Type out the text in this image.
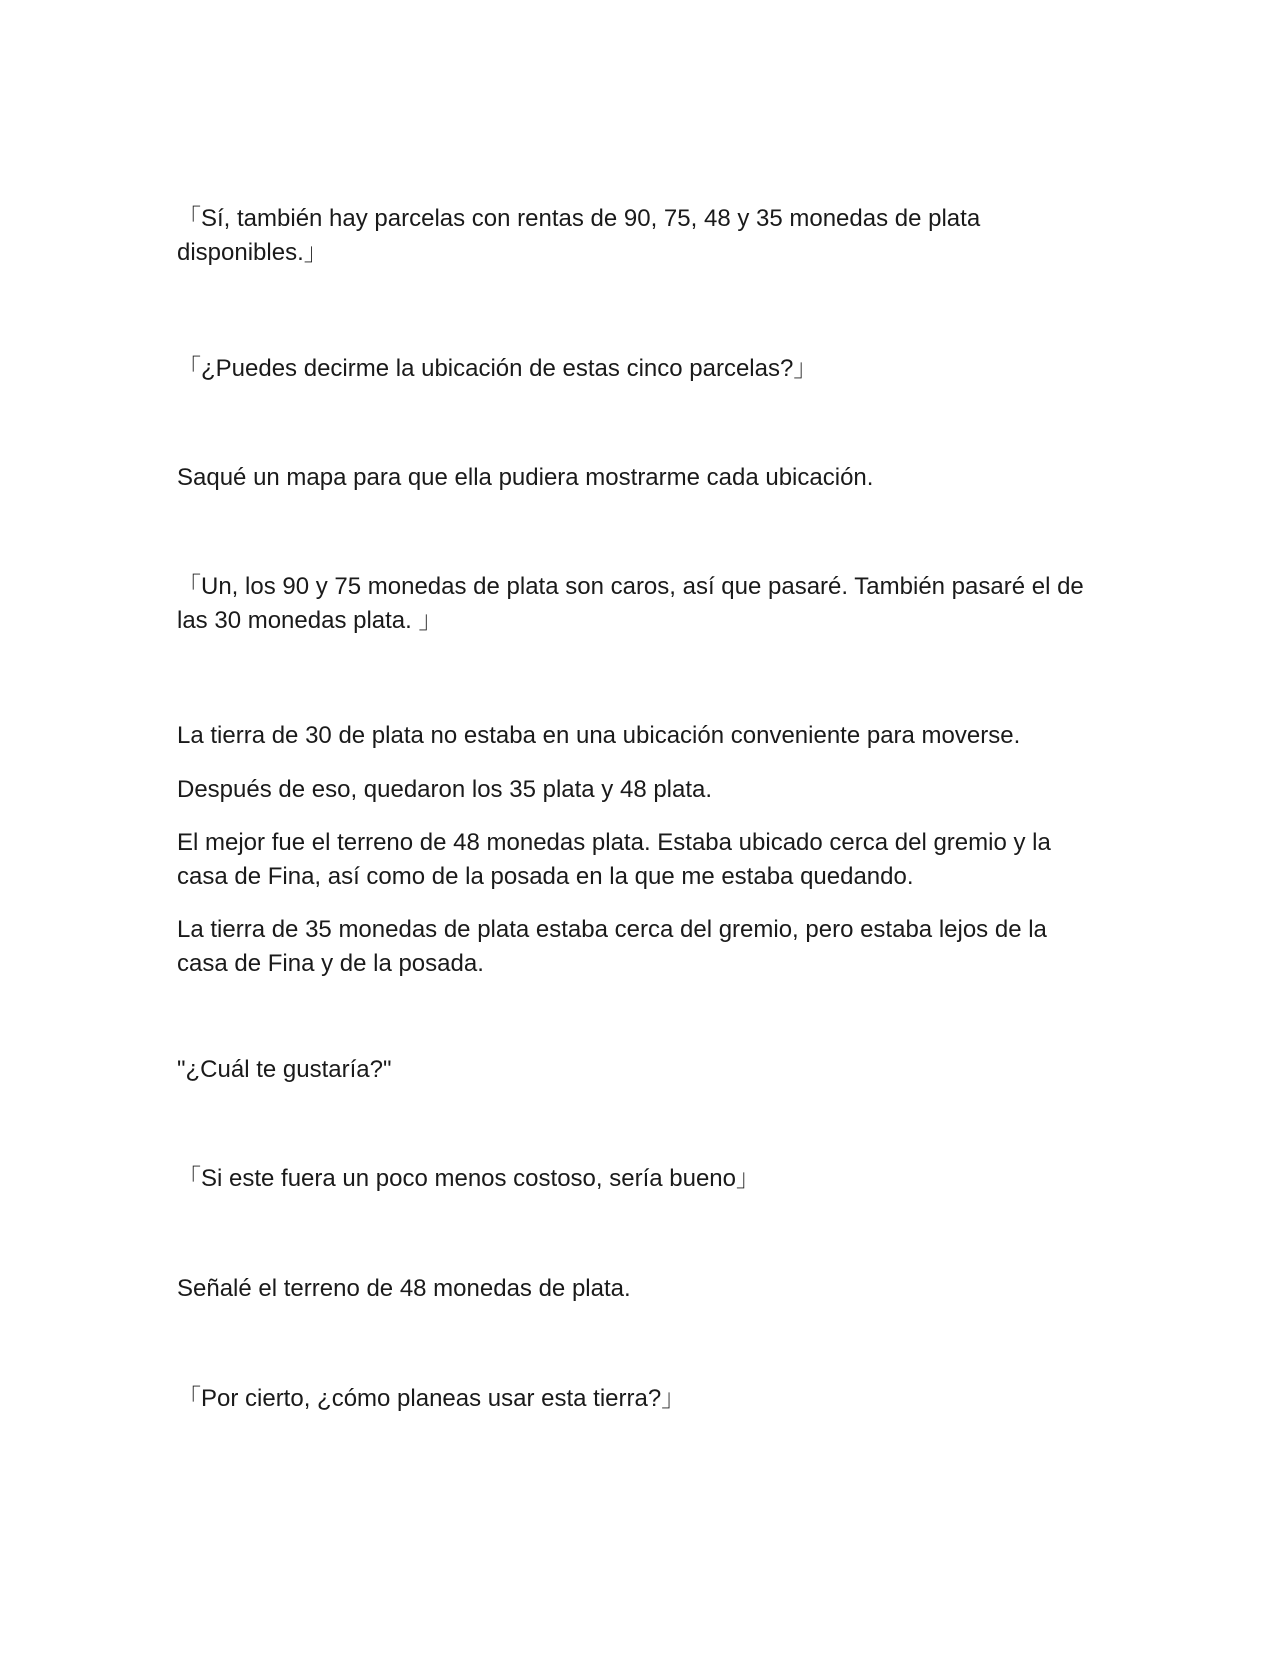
「Sí, también hay parcelas con rentas de 90, 75, 48 y 35 monedas de plata disponibles.」

「¿Puedes decirme la ubicación de estas cinco parcelas?」

Saqué un mapa para que ella pudiera mostrarme cada ubicación.

「Un, los 90 y 75 monedas de plata son caros, así que pasaré. También pasaré el de las 30 monedas plata. 」

La tierra de 30 de plata no estaba en una ubicación conveniente para moverse.

Después de eso, quedaron los 35 plata y 48 plata.

El mejor fue el terreno de 48 monedas plata. Estaba ubicado cerca del gremio y la casa de Fina, así como de la posada en la que me estaba quedando.

La tierra de 35 monedas de plata estaba cerca del gremio, pero estaba lejos de la casa de Fina y de la posada.

"¿Cuál te gustaría?"

「Si este fuera un poco menos costoso, sería bueno」

Señalé el terreno de 48 monedas de plata.

「Por cierto, ¿cómo planeas usar esta tierra?」
